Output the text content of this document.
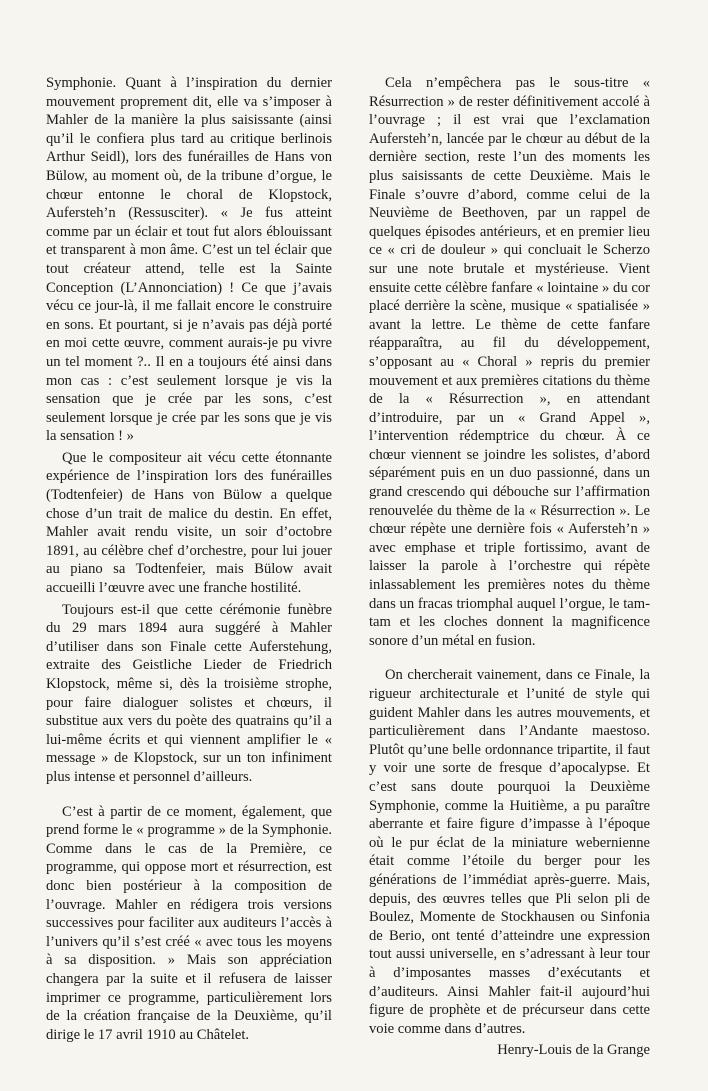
Symphonie. Quant à l’inspiration du dernier mouvement proprement dit, elle va s’imposer à Mahler de la manière la plus saisissante (ainsi qu’il le confiera plus tard au critique berlinois Arthur Seidl), lors des funérailles de Hans von Bülow, au moment où, de la tribune d’orgue, le chœur entonne le choral de Klopstock, Aufersteh’n (Ressusciter). « Je fus atteint comme par un éclair et tout fut alors éblouissant et transparent à mon âme. C’est un tel éclair que tout créateur attend, telle est la Sainte Conception (L’Annonciation) ! Ce que j’avais vécu ce jour-là, il me fallait encore le construire en sons. Et pourtant, si je n’avais pas déjà porté en moi cette œuvre, comment aurais-je pu vivre un tel moment ?.. Il en a toujours été ainsi dans mon cas : c’est seulement lorsque je vis la sensation que je crée par les sons, c’est seulement lorsque je crée par les sons que je vis la sensation ! »

Que le compositeur ait vécu cette étonnante expérience de l’inspiration lors des funérailles (Todtenfeier) de Hans von Bülow a quelque chose d’un trait de malice du destin. En effet, Mahler avait rendu visite, un soir d’octobre 1891, au célèbre chef d’orchestre, pour lui jouer au piano sa Todtenfeier, mais Bülow avait accueilli l’œuvre avec une franche hostilité.

Toujours est-il que cette cérémonie funèbre du 29 mars 1894 aura suggéré à Mahler d’utiliser dans son Finale cette Auferstehung, extraite des Geistliche Lieder de Friedrich Klopstock, même si, dès la troisième strophe, pour faire dialoguer solistes et chœurs, il substitue aux vers du poète des quatrains qu’il a lui-même écrits et qui viennent amplifier le « message » de Klopstock, sur un ton infiniment plus intense et personnel d’ailleurs.

C’est à partir de ce moment, également, que prend forme le « programme » de la Symphonie. Comme dans le cas de la Première, ce programme, qui oppose mort et résurrection, est donc bien postérieur à la composition de l’ouvrage. Mahler en rédigera trois versions successives pour faciliter aux auditeurs l’accès à l’univers qu’il s’est créé « avec tous les moyens à sa disposition. » Mais son appréciation changera par la suite et il refusera de laisser imprimer ce programme, particulièrement lors de la création française de la Deuxième, qu’il dirige le 17 avril 1910 au Châtelet.

Cela n’empêchera pas le sous-titre « Résurrection » de rester définitivement accolé à l’ouvrage ; il est vrai que l’exclamation Aufersteh’n, lancée par le chœur au début de la dernière section, reste l’un des moments les plus saisissants de cette Deuxième. Mais le Finale s’ouvre d’abord, comme celui de la Neuvième de Beethoven, par un rappel de quelques épisodes antérieurs, et en premier lieu ce « cri de douleur » qui concluait le Scherzo sur une note brutale et mystérieuse. Vient ensuite cette célèbre fanfare « lointaine » du cor placé derrière la scène, musique « spatialisée » avant la lettre. Le thème de cette fanfare réapparaîtra, au fil du développement, s’opposant au « Choral » repris du premier mouvement et aux premières citations du thème de la « Résurrection », en attendant d’introduire, par un « Grand Appel », l’intervention rédemptrice du chœur. À ce chœur viennent se joindre les solistes, d’abord séparément puis en un duo passionné, dans un grand crescendo qui débouche sur l’affirmation renouvelée du thème de la « Résurrection ». Le chœur répète une dernière fois « Aufersteh’n » avec emphase et triple fortissimo, avant de laisser la parole à l’orchestre qui répète inlassablement les premières notes du thème dans un fracas triomphal auquel l’orgue, le tam-tam et les cloches donnent la magnificence sonore d’un métal en fusion.

On chercherait vainement, dans ce Finale, la rigueur architecturale et l’unité de style qui guident Mahler dans les autres mouvements, et particulièrement dans l’Andante maestoso. Plutôt qu’une belle ordonnance tripartite, il faut y voir une sorte de fresque d’apocalypse. Et c’est sans doute pourquoi la Deuxième Symphonie, comme la Huitième, a pu paraître aberrante et faire figure d’impasse à l’époque où le pur éclat de la miniature webernienne était comme l’étoile du berger pour les générations de l’immédiat après-guerre. Mais, depuis, des œuvres telles que Pli selon pli de Boulez, Momente de Stockhausen ou Sinfonia de Berio, ont tenté d’atteindre une expression tout aussi universelle, en s’adressant à leur tour à d’imposantes masses d’exécutants et d’auditeurs. Ainsi Mahler fait-il aujourd’hui figure de prophète et de précurseur dans cette voie comme dans d’autres.

Henry-Louis de la Grange
